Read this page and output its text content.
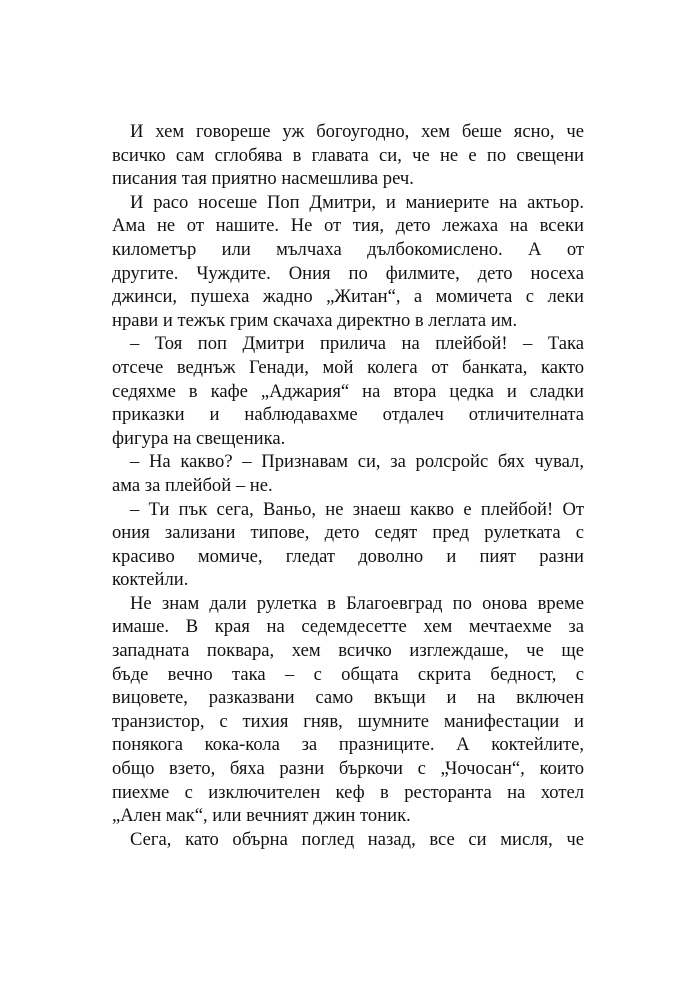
И хем говореше уж богоугодно, хем беше ясно, че
всичко сам сглобява в главата си, че не е по свещени
писания тая приятно насмешлива реч.
И расо носеше Поп Дмитри, и маниерите на актьор.
Ама не от нашите. Не от тия, дето лежаха на всеки
километър или мълчаха дълбокомислено. А от
другите. Чуждите. Ония по филмите, дето носеха
джинси, пушеха жадно „Житан“, а момичета с леки
нрави и тежък грим скачаха директно в леглата им.
– Тоя поп Дмитри прилича на плейбой! – Така
отсече веднъж Генади, мой колега от банката, както
седяхме в кафе „Аджария“ на втора цедка и сладки
приказки и наблюдавахме отдалеч отличителната
фигура на свещеника.
– На какво? – Признавам си, за ролсройс бях чувал,
ама за плейбой – не.
– Ти пък сега, Ваньо, не знаеш какво е плейбой! От
ония зализани типове, дето седят пред рулетката с
красиво момиче, гледат доволно и пият разни
коктейли.
Не знам дали рулетка в Благоевград по онова време
имаше. В края на седемдесетте хем мечтаехме за
западната поквара, хем всичко изглеждаше, че ще
бъде вечно така – с общата скрита бедност, с
вицовете, разказвани само вкъщи и на включен
транзистор, с тихия гняв, шумните манифестации и
понякога кока-кола за празниците. А коктейлите,
общо взето, бяха разни бъркочи с „Чочосан“, които
пиехме с изключителен кеф в ресторанта на хотел
„Ален мак“, или вечният джин тоник.
Сега, като обърна поглед назад, все си мисля, че
